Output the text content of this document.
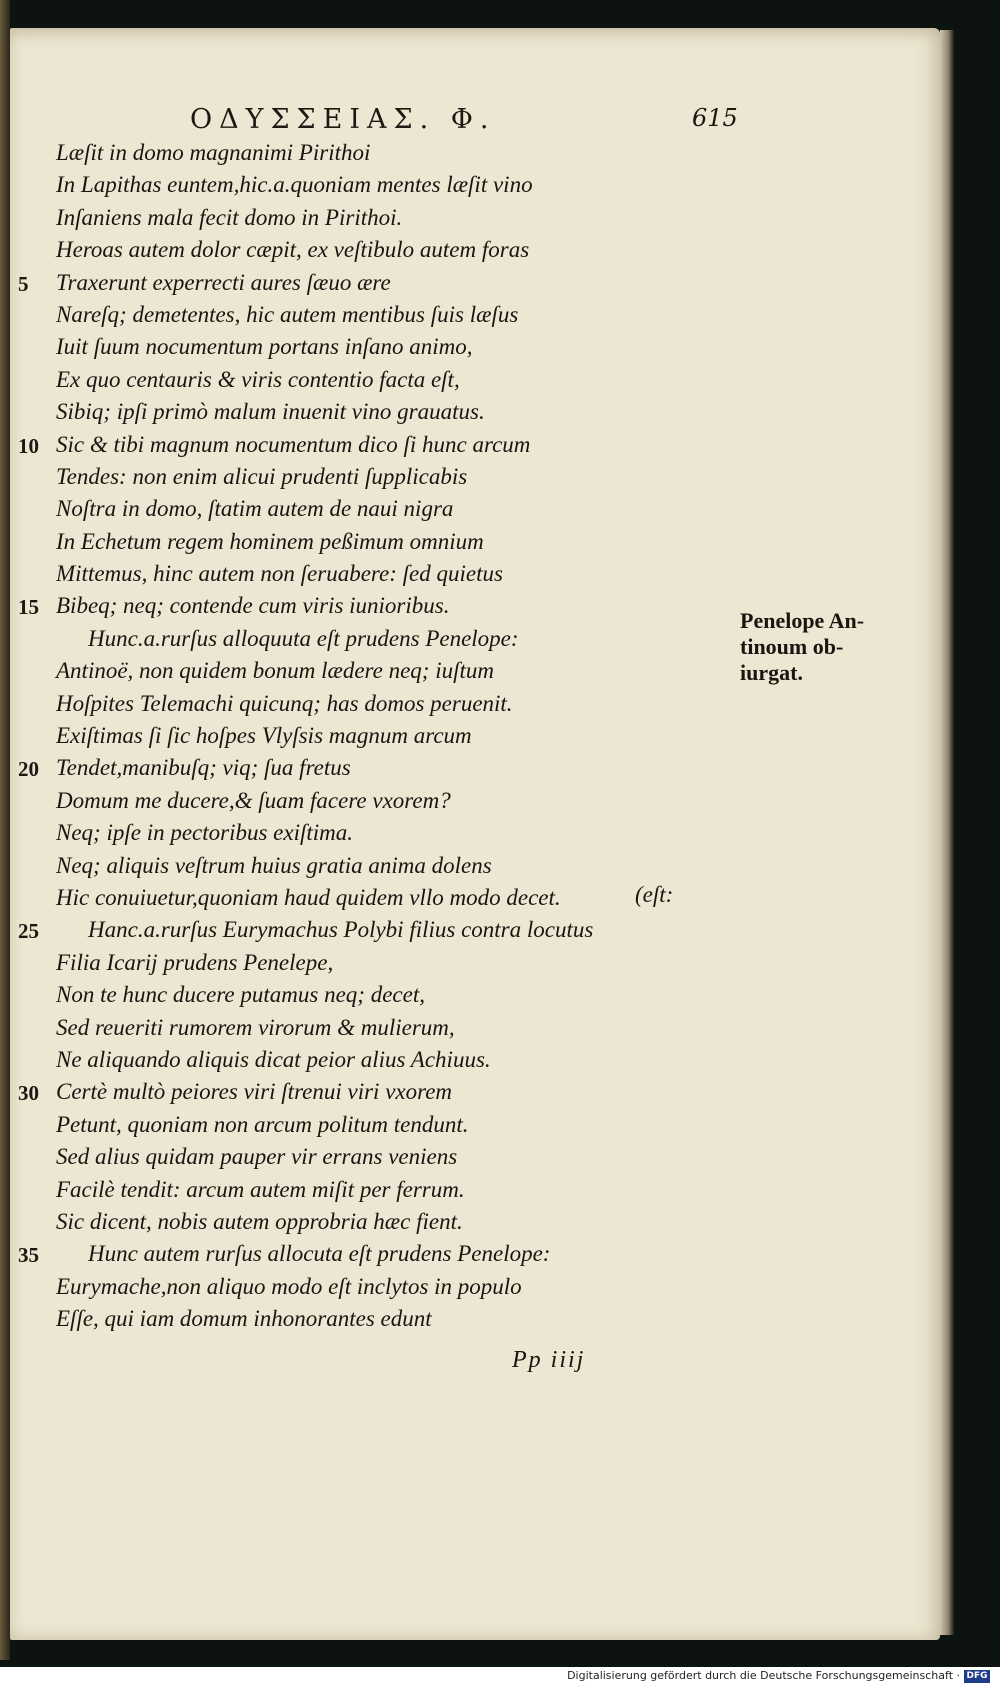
ΟΔΥΣΣΕΙΑΣ. Φ.	615
Læſit in domo magnanimi Pirithoi
In Lapithas euntem,hic.a.quoniam mentes læſit vino
Inſaniens mala fecit domo in Pirithoi.
Heroas autem dolor cæpit, ex veſtibulo autem foras
5	Traxerunt experrecti aures ſæuo ære
Nareſq; demetentes, hic autem mentibus ſuis læſus
Iuit ſuum nocumentum portans inſano animo,
Ex quo centauris & viris contentio facta eſt,
Sibiq; ipſi primò malum inuenit vino grauatus.
10 Sic & tibi magnum nocumentum dico ſi hunc arcum
Tendes: non enim alicui prudenti ſupplicabis
Noſtra in domo, ſtatim autem de naui nigra
In Echetum regem hominem peßimum omnium
Mittemus, hinc autem non ſeruabere: ſed quietus
15 Bibeq; neq; contende cum viris iunioribus.
Hunc.a.rurſus alloquuta eſt prudens Penelope:
Antinoë, non quidem bonum lædere neq; iuſtum
Hoſpites Telemachi quicunq; has domos peruenit.
Exiſtimas ſi ſic hoſpes Vlyſsis magnum arcum
20 Tendet,manibuſq; viq; ſua fretus
Domum me ducere,& ſuam facere vxorem?
Neq; ipſe in pectoribus exiſtima.
Neq; aliquis veſtrum huius gratia anima dolens
Hic conuiuetur,quoniam haud quidem vllo modo decet.
25	Hanc.a.rurſus Eurymachus Polybi filius contra locutus
Filia Icarij prudens Penelepe,
Non te hunc ducere putamus neq; decet,
Sed reueriti rumorem virorum & mulierum,
Ne aliquando aliquis dicat peior alius Achiuus.
30 Certè multò peiores viri ſtrenui viri vxorem
Petunt, quoniam non arcum politum tendunt.
Sed alius quidam pauper vir errans veniens
Facilè tendit: arcum autem miſit per ferrum.
Sic dicent, nobis autem opprobria hæc fient.
35	Hunc autem rurſus allocuta eſt prudens Penelope:
Eurymache,non aliquo modo eſt inclytos in populo
Eſſe, qui iam domum inhonorantes edunt
(eſt:
Penelope An-
tinoum ob-
iurgat.
Pp iiij
Digitalisierung gefördert durch die Deutsche Forschungsgemeinschaft · DFG
